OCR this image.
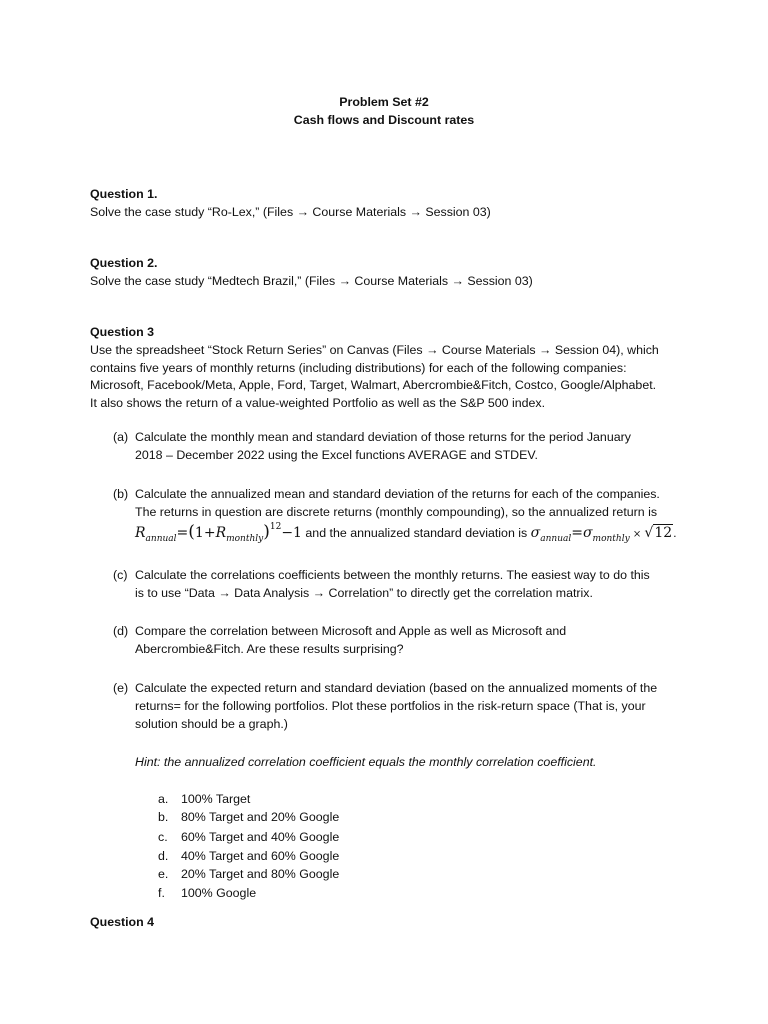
Problem Set #2
Cash flows and Discount rates
Question 1.
Solve the case study “Ro-Lex,” (Files → Course Materials → Session 03)
Question 2.
Solve the case study “Medtech Brazil,” (Files → Course Materials → Session 03)
Question 3
Use the spreadsheet “Stock Return Series” on Canvas (Files → Course Materials → Session 04), which
contains five years of monthly returns (including distributions) for each of the following companies:
Microsoft, Facebook/Meta, Apple, Ford, Target, Walmart, Abercrombie&Fitch, Costco, Google/Alphabet.
It also shows the return of a value-weighted Portfolio as well as the S&P 500 index.
(a) Calculate the monthly mean and standard deviation of those returns for the period January
2018 – December 2022 using the Excel functions AVERAGE and STDEV.
(b) Calculate the annualized mean and standard deviation of the returns for each of the companies.
The returns in question are discrete returns (monthly compounding), so the annualized return is
$R_{annual}=(1+R_{monthly})^{12}-1$ and the annualized standard deviation is $\sigma_{annual}=\sigma_{monthly} \times √12$.
(c) Calculate the correlations coefficients between the monthly returns. The easiest way to do this
is to use “Data → Data Analysis → Correlation” to directly get the correlation matrix.
(d) Compare the correlation between Microsoft and Apple as well as Microsoft and
Abercrombie&Fitch. Are these results surprising?
(e) Calculate the expected return and standard deviation (based on the annualized moments of the
returns= for the following portfolios. Plot these portfolios in the risk-return space (That is, your
solution should be a graph.)
Hint: the annualized correlation coefficient equals the monthly correlation coefficient.
a. 100% Target
b. 80% Target and 20% Google
c. 60% Target and 40% Google
d. 40% Target and 60% Google
e. 20% Target and 80% Google
f. 100% Google
Question 4
